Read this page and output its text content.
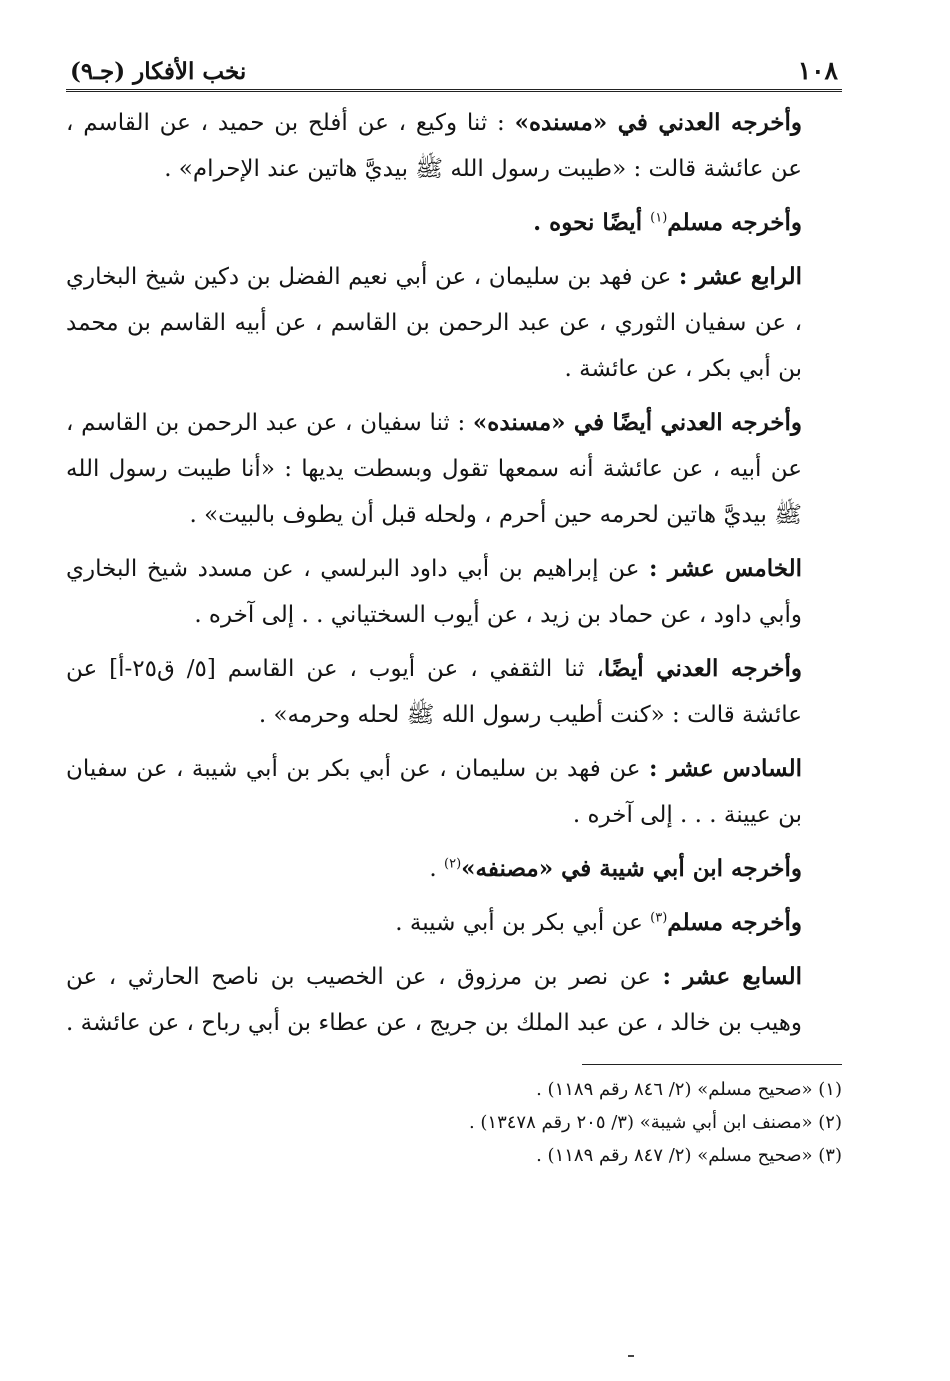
١٠٨
نخب الأفكار (جـ٩)

وأخرجه العدني في «مسنده» : ثنا وكيع ، عن أفلح بن حميد ، عن القاسم ، عن عائشة قالت : «طيبت رسول الله ﷺ بيديَّ هاتين عند الإحرام» .

وأخرجه مسلم$^{(١)}$ أيضًا نحوه .

الرابع عشر : عن فهد بن سليمان ، عن أبي نعيم الفضل بن دكين شيخ البخاري ، عن سفيان الثوري ، عن عبد الرحمن بن القاسم ، عن أبيه القاسم بن محمد بن أبي بكر ، عن عائشة .

وأخرجه العدني أيضًا في «مسنده» : ثنا سفيان ، عن عبد الرحمن بن القاسم ، عن أبيه ، عن عائشة أنه سمعها تقول وبسطت يديها : «أنا طيبت رسول الله ﷺ بيديَّ هاتين لحرمه حين أحرم ، ولحله قبل أن يطوف بالبيت» .

الخامس عشر : عن إبراهيم بن أبي داود البرلسي ، عن مسدد شيخ البخاري وأبي داود ، عن حماد بن زيد ، عن أيوب السختياني . . إلى آخره .

وأخرجه العدني أيضًا، ثنا الثقفي ، عن أيوب ، عن القاسم [٥/ ق٢٥-أ] عن عائشة قالت : «كنت أطيب رسول الله ﷺ لحله وحرمه» .

السادس عشر : عن فهد بن سليمان ، عن أبي بكر بن أبي شيبة ، عن سفيان بن عيينة . . . إلى آخره .

وأخرجه ابن أبي شيبة في «مصنفه»$^{(٢)}$ .

وأخرجه مسلم$^{(٣)}$ عن أبي بكر بن أبي شيبة .

السابع عشر : عن نصر بن مرزوق ، عن الخصيب بن ناصح الحارثي ، عن وهيب بن خالد ، عن عبد الملك بن جريج ، عن عطاء بن أبي رباح ، عن عائشة .

(١) «صحيح مسلم» (٢/ ٨٤٦ رقم ١١٨٩) .

(٢) «مصنف ابن أبي شيبة» (٣/ ٢٠٥ رقم ١٣٤٧٨) .

(٣) «صحيح مسلم» (٢/ ٨٤٧ رقم ١١٨٩) .
